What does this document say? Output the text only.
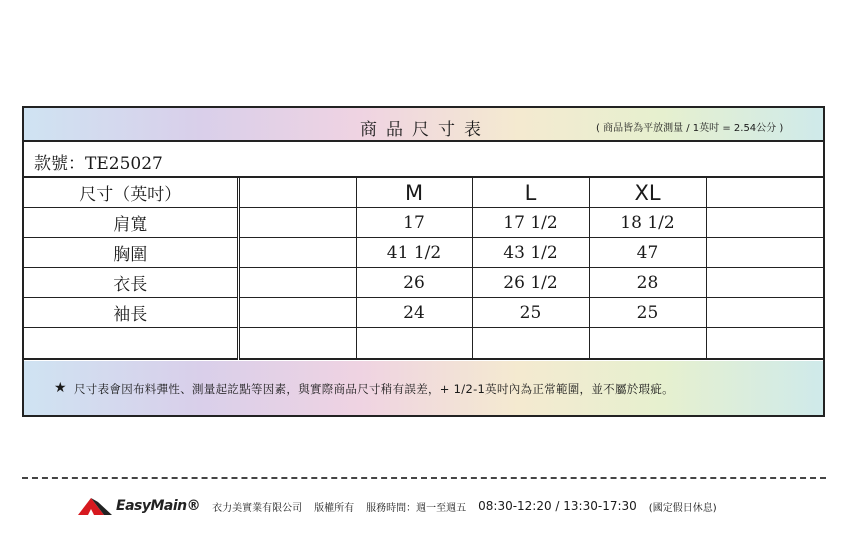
商品尺寸表	( 商品皆為平放測量 / 1英吋 = 2.54公分 )
款號：TE25027
尺寸（英吋）		M	L	XL	
肩寬		17	17 1/2	18 1/2	
胸圍		41 1/2	43 1/2	47	
衣長		26	26 1/2	28	
袖長		24	25	25	

★ 尺寸表會因布料彈性、測量起訖點等因素，與實際商品尺寸稍有誤差，+ 1/2-1英吋內為正常範圍，並不屬於瑕疵。
EasyMain® 衣力美實業有限公司 版權所有 服務時間：週一至週五 08:30-12:20 / 13:30-17:30 (國定假日休息)
